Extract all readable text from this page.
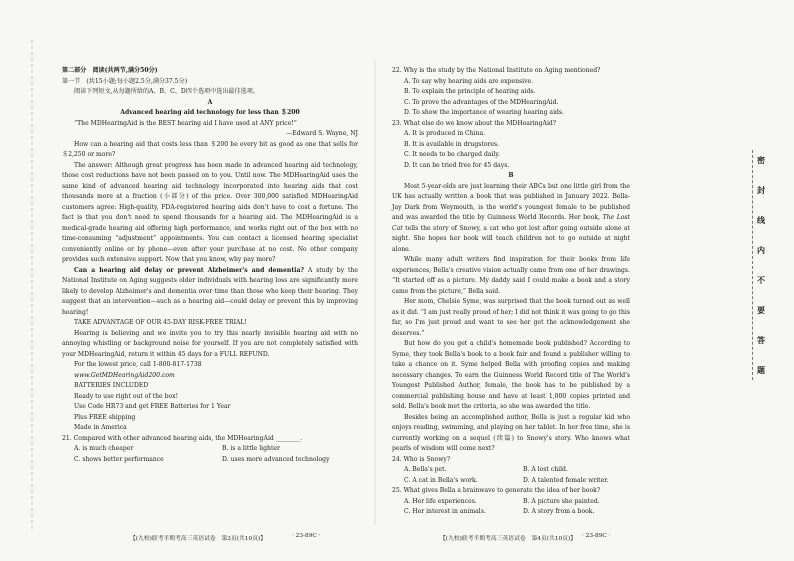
第二部分　阅读(共两节,满分50分)
第一节　(共15小题;每小题2.5分,满分37.5分)
阅读下列短文,从每题所给的A、B、C、D四个选项中选出最佳选项。
A
Advanced hearing aid technology for less than ＄200

“The MDHearingAid is the BEST hearing aid I have used at ANY price!”

—Edward S. Wayne, NJ

How can a hearing aid that costs less than ＄200 be every bit as good as one that sells for ＄2,250 or more?

The answer: Although great progress has been made in advanced hearing aid technology, those cost reductions have not been passed on to you. Until now. The MDHearingAid uses the same kind of advanced hearing aid technology incorporated into hearing aids that cost thousands more at a fraction (小部分) of the price. Over 300,000 satisfied MDHearingAid customers agree: High-quality, FDA-registered hearing aids don't have to cost a fortune. The fact is that you don't need to spend thousands for a hearing aid. The MDHearingAid is a medical-grade hearing aid offering high performance, and works right out of the box with no time-consuming “adjustment” appointments. You can contact a licensed hearing specialist conveniently online or by phone—even after your purchase at no cost. No other company provides such extensive support. Now that you know, why pay more?

Can a hearing aid delay or prevent Alzheimer's and dementia? A study by the National Institute on Aging suggests older individuals with hearing loss are significantly more likely to develop Alzheimer's and dementia over time than those who keep their hearing. They suggest that an intervention—such as a hearing aid—could delay or prevent this by improving hearing!

TAKE ADVANTAGE OF OUR 45-DAY RISK-FREE TRIAL!

Hearing is believing and we invite you to try this nearly invisible hearing aid with no annoying whistling or background noise for yourself. If you are not completely satisfied with your MDHearingAid, return it within 45 days for a FULL REFUND.

For the lowest price, call 1-800-817-1738
www.GetMDHearingAid200.com
BATTERIES INCLUDED
Ready to use right out of the box!
Use Code HR73 and get FREE Batteries for 1 Year
Plus FREE shipping
Made in America
21. Compared with other advanced hearing aids, the MDHearingAid ________.
A. is much cheaper	B. is a little lighter
C. shows better performance	D. uses more advanced technology
22. Why is the study by the National Institute on Aging mentioned?
A. To say why hearing aids are expensive.
B. To explain the principle of hearing aids.
C. To prove the advantages of the MDHearingAid.
D. To show the importance of wearing hearing aids.
23. What else do we know about the MDHearingAid?
A. It is produced in China.
B. It is available in drugstores.
C. It needs to be charged daily.
D. It can be tried free for 45 days.
B

Most 5-year-olds are just learning their ABCs but one little girl from the UK has actually written a book that was published in January 2022. Bella-Jay Dark from Weymouth, is the world's youngest female to be published and was awarded the title by Guinness World Records. Her book, The Lost Cat tells the story of Snowy, a cat who got lost after going outside alone at night. She hopes her book will teach children not to go outside at night alone.

While many adult writers find inspiration for their books from life experiences, Bella's creative vision actually came from one of her drawings. “It started off as a picture. My daddy said I could make a book and a story came from the picture,” Bella said.

Her mom, Chelsie Syme, was surprised that the book turned out as well as it did. “I am just really proud of her; I did not think it was going to go this far, so I'm just proud and want to see her get the acknowledgement she deserves.”

But how do you get a child's homemade book published? According to Syme, they took Bella's book to a book fair and found a publisher willing to take a chance on it. Syme helped Bella with proofing copies and making necessary changes. To earn the Guinness World Record title of The World's Youngest Published Author, female, the book has to be published by a commercial publishing house and have at least 1,000 copies printed and sold. Bella's book met the criteria, so she was awarded the title.

Besides being an accomplished author, Bella is just a regular kid who enjoys reading, swimming, and playing on her tablet. In her free time, she is currently working on a sequel (续篇) to Snowy's story. Who knows what pearls of wisdom will come next?

24. Who is Snowy?
A. Bella's pet.	B. A lost child.
C. A cat in Bella's work.	D. A talented female writer.
25. What gives Bella a brainwave to generate the idea of her book?
A. Her life experiences.	B. A picture she painted.
C. Her interest in animals.	D. A story from a book.
密
封
线
内
不
要
答
题
【(九校)联考半期考高三英语试卷　第3页(共10页)】	· 23-89C ·	【(九校)联考半期考高三英语试卷　第4页(共10页)】 · 23-89C ·
